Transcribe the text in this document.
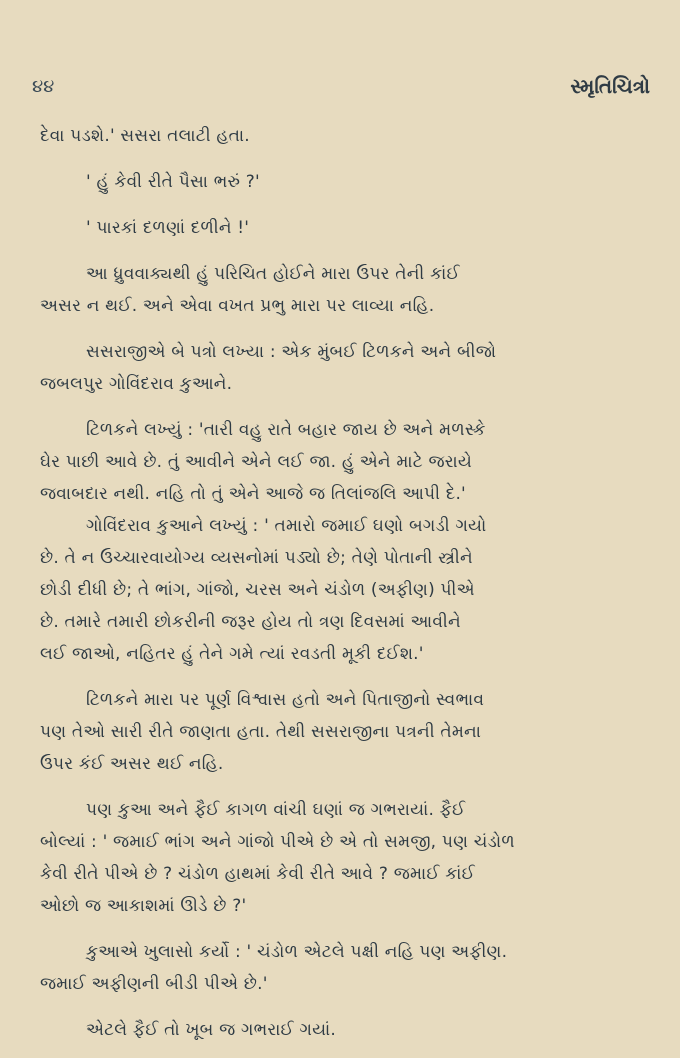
૪૪	સ્મૃતિચિત્રો
દેવા પડશે.' સસરા તલાટી હતા.
' હું કેવી રીતે પૈસા ભરું ?'
' પારકાં દળણાં દળીને !'
આ ધ્રુવવાક્યથી હું પરિચિત હોઈને મારા ઉપર તેની કાંઈ
અસર ન થઈ. અને એવા વખત પ્રભુ મારા પર લાવ્યા નહિ.
સસરાજીએ બે પત્રો લખ્યા : એક મુંબઈ ટિળકને અને બીજો
જબલપુર ગોવિંદરાવ કુઆને.
ટિળકને લખ્યું : 'તારી વહુ રાતે બહાર જાય છે અને મળસ્કે
ઘેર પાછી આવે છે. તું આવીને એને લઈ જા. હું એને માટે જરાયે
જવાબદાર નથી. નહિ તો તું એને આજે જ તિલાંજલિ આપી દે.'
ગોવિંદરાવ કુઆને લખ્યું : ' તમારો જમાઈ ઘણો બગડી ગયો
છે. તે ન ઉચ્ચારવાયોગ્ય વ્યસનોમાં પડ્યો છે; તેણે પોતાની સ્ત્રીને
છોડી દીધી છે; તે ભાંગ, ગાંજો, ચરસ અને ચંડોળ (અફીણ) પીએ
છે. તમારે તમારી છોકરીની જરૂર હોય તો ત્રણ દિવસમાં આવીને
લઈ જાઓ, નહિતર હું તેને ગમે ત્યાં રવડતી મૂકી દઈશ.'
ટિળકને મારા પર પૂર્ણ વિશ્વાસ હતો અને પિતાજીનો સ્વભાવ
પણ તેઓ સારી રીતે જાણતા હતા. તેથી સસરાજીના પત્રની તેમના
ઉપર કંઈ અસર થઈ નહિ.
પણ કુઆ અને ફૈઈ કાગળ વાંચી ઘણાં જ ગભરાયાં. ફૈઈ
બોલ્યાં : ' જમાઈ ભાંગ અને ગાંજો પીએ છે એ તો સમજી, પણ ચંડોળ
કેવી રીતે પીએ છે ? ચંડોળ હાથમાં કેવી રીતે આવે ? જમાઈ કાંઈ
ઓછો જ આકાશમાં ઊડે છે ?'
કુઆએ ખુલાસો કર્યો : ' ચંડોળ એટલે પક્ષી નહિ પણ અફીણ.
જમાઈ અફીણની બીડી પીએ છે.'
એટલે ફૈઈ તો ખૂબ જ ગભરાઈ ગયાં.
